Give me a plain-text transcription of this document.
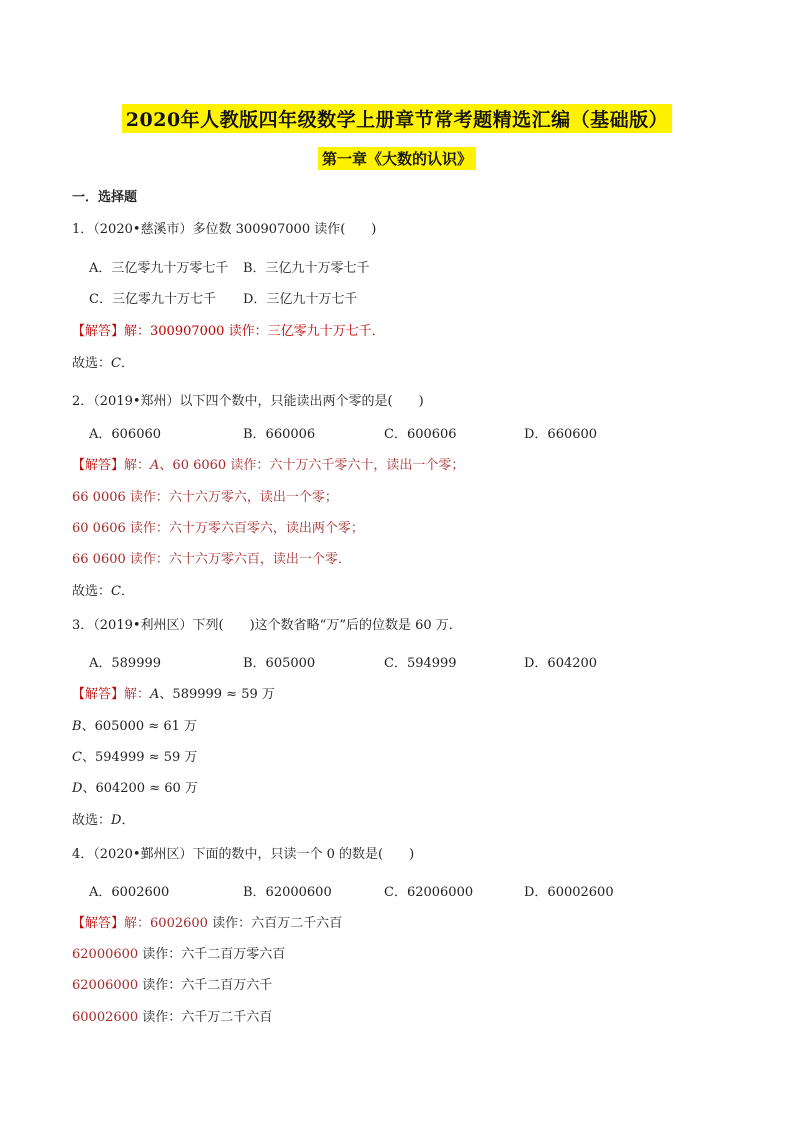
2020年人教版四年级数学上册章节常考题精选汇编（基础版）
第一章《大数的认识》
一．选择题
1．（2020•慈溪市）多位数 300907000 读作(　　)
A．三亿零九十万零七千 B．三亿九十万零七千
C．三亿零九十万七千 D．三亿九十万七千
【解答】解：300907000 读作：三亿零九十万七千．
故选：C．
2．（2019•郑州）以下四个数中，只能读出两个零的是(　　)
A．606060	B．660006	C．600606	D．660600
【解答】解：A、60 6060 读作：六十万六千零六十，读出一个零；
66 0006 读作：六十六万零六，读出一个零；
60 0606 读作：六十万零六百零六，读出两个零；
66 0600 读作：六十六万零六百，读出一个零．
故选：C．
3．（2019•利州区）下列(　　)这个数省略“万”后的位数是 60 万．
A．589999	B．605000	C．594999	D．604200
【解答】解：A、589999 ≈ 59 万
B、605000 ≈ 61 万
C、594999 ≈ 59 万
D、604200 ≈ 60 万
故选：D．
4．（2020•鄞州区）下面的数中，只读一个 0 的数是(　　)
A．6002600	B．62000600	C．62006000	D．60002600
【解答】解：6002600 读作：六百万二千六百
62000600 读作：六千二百万零六百
62006000 读作：六千二百万六千
60002600 读作：六千万二千六百
